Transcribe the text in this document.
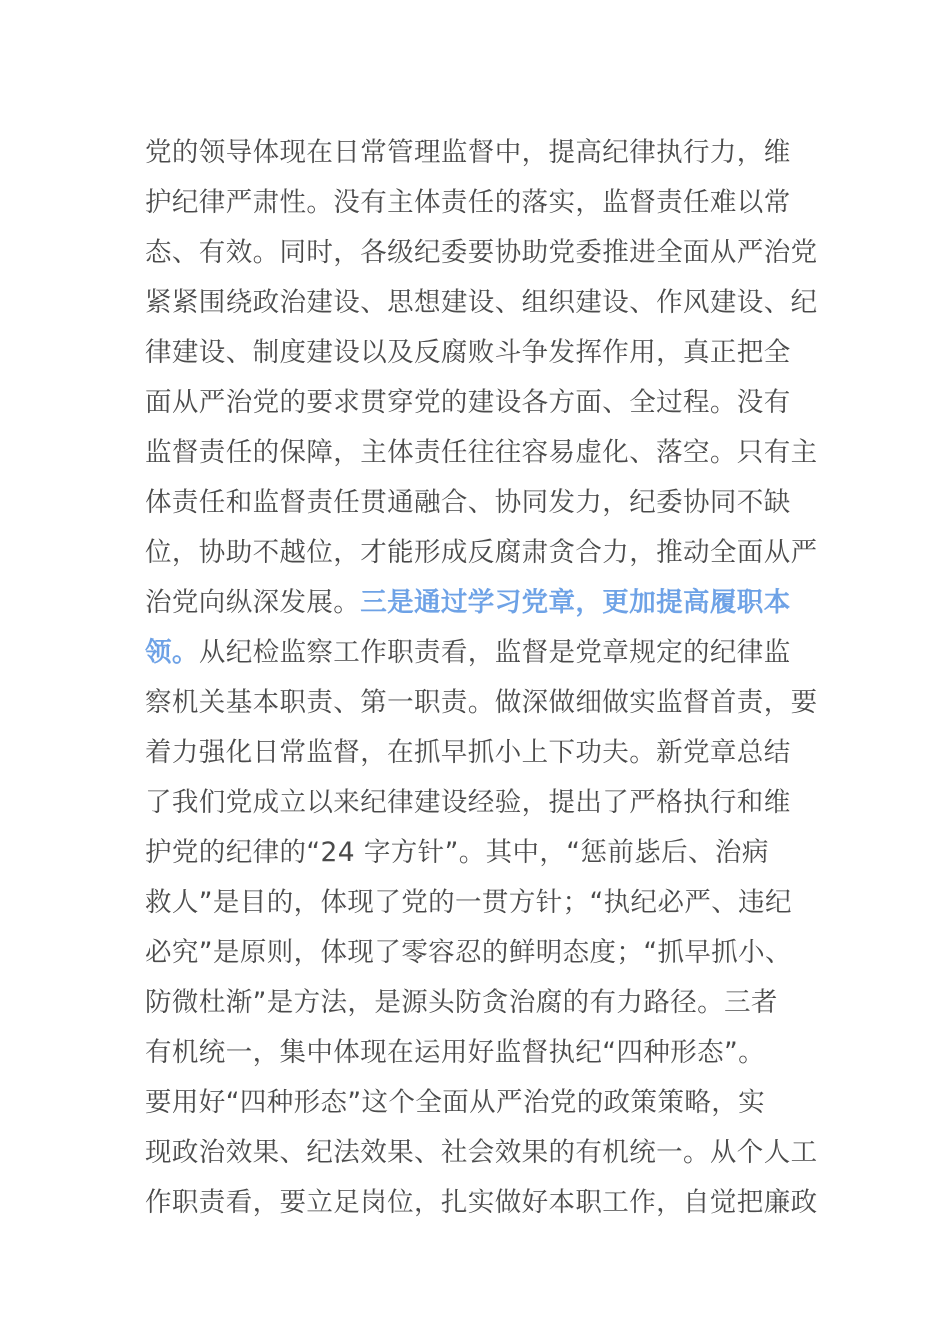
党的领导体现在日常管理监督中，提高纪律执行力，维
护纪律严肃性。没有主体责任的落实，监督责任难以常
态、有效。同时，各级纪委要协助党委推进全面从严治党
紧紧围绕政治建设、思想建设、组织建设、作风建设、纪
律建设、制度建设以及反腐败斗争发挥作用，真正把全
面从严治党的要求贯穿党的建设各方面、全过程。没有
监督责任的保障，主体责任往往容易虚化、落空。只有主
体责任和监督责任贯通融合、协同发力，纪委协同不缺
位，协助不越位，才能形成反腐肃贪合力，推动全面从严
治党向纵深发展。三是通过学习党章，更加提高履职本
领。从纪检监察工作职责看，监督是党章规定的纪律监
察机关基本职责、第一职责。做深做细做实监督首责，要
着力强化日常监督，在抓早抓小上下功夫。新党章总结
了我们党成立以来纪律建设经验，提出了严格执行和维
护党的纪律的“24 字方针”。其中，“惩前毖后、治病
救人”是目的，体现了党的一贯方针；“执纪必严、违纪
必究”是原则，体现了零容忍的鲜明态度；“抓早抓小、
防微杜渐”是方法，是源头防贪治腐的有力路径。三者
有机统一，集中体现在运用好监督执纪“四种形态”。
要用好“四种形态”这个全面从严治党的政策策略，实
现政治效果、纪法效果、社会效果的有机统一。从个人工
作职责看，要立足岗位，扎实做好本职工作，自觉把廉政
